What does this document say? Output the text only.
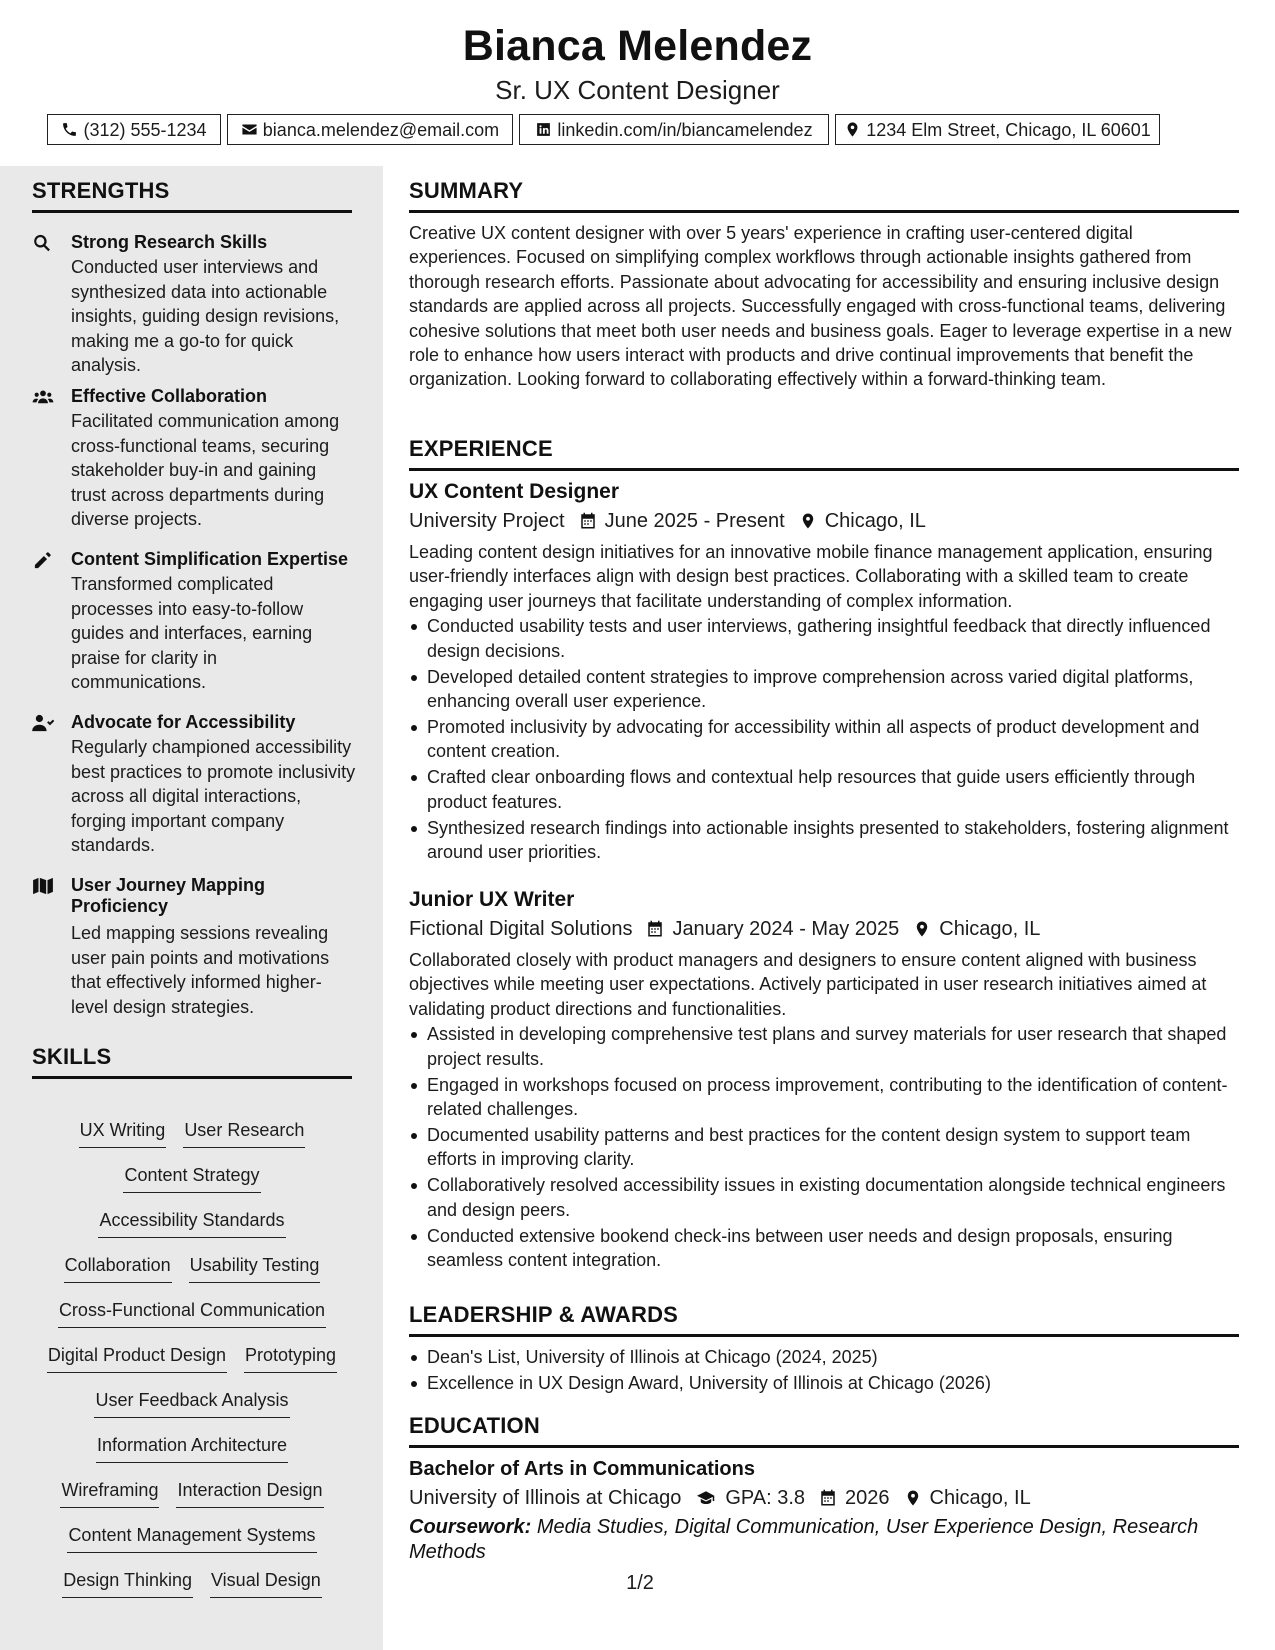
Bianca Melendez
Sr. UX Content Designer
(312) 555-1234	bianca.melendez@email.com	linkedin.com/in/biancamelendez	1234 Elm Street, Chicago, IL 60601
STRENGTHS
Strong Research Skills
Conducted user interviews and synthesized data into actionable insights, guiding design revisions, making me a go-to for quick analysis.
Effective Collaboration
Facilitated communication among cross-functional teams, securing stakeholder buy-in and gaining trust across departments during diverse projects.
Content Simplification Expertise
Transformed complicated processes into easy-to-follow guides and interfaces, earning praise for clarity in communications.
Advocate for Accessibility
Regularly championed accessibility best practices to promote inclusivity across all digital interactions, forging important company standards.
User Journey Mapping Proficiency
Led mapping sessions revealing user pain points and motivations that effectively informed higher-level design strategies.
SKILLS
UX Writing User Research
Content Strategy
Accessibility Standards
Collaboration Usability Testing
Cross-Functional Communication
Digital Product Design Prototyping
User Feedback Analysis
Information Architecture
Wireframing Interaction Design
Content Management Systems
Design Thinking Visual Design
SUMMARY
Creative UX content designer with over 5 years' experience in crafting user-centered digital experiences. Focused on simplifying complex workflows through actionable insights gathered from thorough research efforts. Passionate about advocating for accessibility and ensuring inclusive design standards are applied across all projects. Successfully engaged with cross-functional teams, delivering cohesive solutions that meet both user needs and business goals. Eager to leverage expertise in a new role to enhance how users interact with products and drive continual improvements that benefit the organization. Looking forward to collaborating effectively within a forward-thinking team.
EXPERIENCE
UX Content Designer
University Project June 2025 - Present Chicago, IL
Leading content design initiatives for an innovative mobile finance management application, ensuring user-friendly interfaces align with design best practices. Collaborating with a skilled team to create engaging user journeys that facilitate understanding of complex information.
Conducted usability tests and user interviews, gathering insightful feedback that directly influenced design decisions.
Developed detailed content strategies to improve comprehension across varied digital platforms, enhancing overall user experience.
Promoted inclusivity by advocating for accessibility within all aspects of product development and content creation.
Crafted clear onboarding flows and contextual help resources that guide users efficiently through product features.
Synthesized research findings into actionable insights presented to stakeholders, fostering alignment around user priorities.
Junior UX Writer
Fictional Digital Solutions January 2024 - May 2025 Chicago, IL
Collaborated closely with product managers and designers to ensure content aligned with business objectives while meeting user expectations. Actively participated in user research initiatives aimed at validating product directions and functionalities.
Assisted in developing comprehensive test plans and survey materials for user research that shaped project results.
Engaged in workshops focused on process improvement, contributing to the identification of content-related challenges.
Documented usability patterns and best practices for the content design system to support team efforts in improving clarity.
Collaboratively resolved accessibility issues in existing documentation alongside technical engineers and design peers.
Conducted extensive bookend check-ins between user needs and design proposals, ensuring seamless content integration.
LEADERSHIP & AWARDS
Dean's List, University of Illinois at Chicago (2024, 2025)
Excellence in UX Design Award, University of Illinois at Chicago (2026)
EDUCATION
Bachelor of Arts in Communications
University of Illinois at Chicago GPA: 3.8 2026 Chicago, IL
Coursework: Media Studies, Digital Communication, User Experience Design, Research Methods
1/2
